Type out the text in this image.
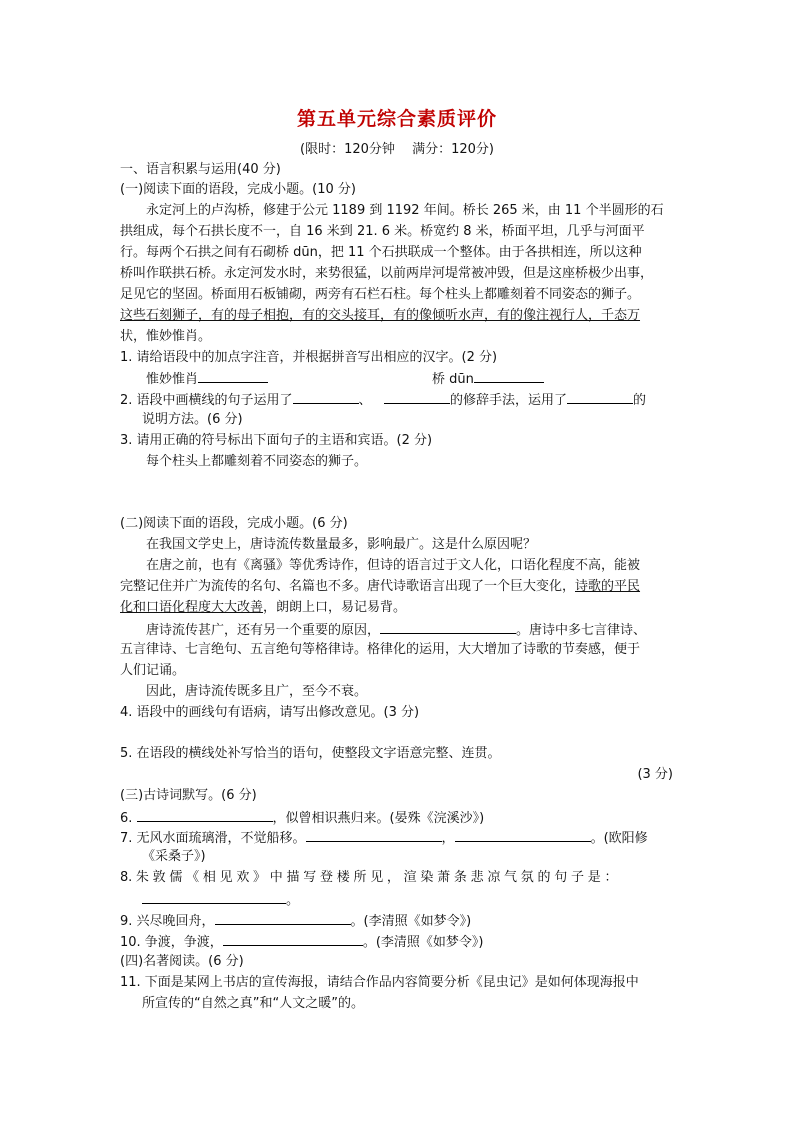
第五单元综合素质评价
(限时：120分钟　 满分：120分)
一、语言积累与运用(40 分)
(一)阅读下面的语段，完成小题。(10 分)
永定河上的卢沟桥，修建于公元 1189 到 1192 年间。桥长 265 米，由 11 个半圆形的石
拱组成，每个石拱长度不一，自 16 米到 21. 6 米。桥宽约 8 米，桥面平坦，几乎与河面平
行。每两个石拱之间有石砌桥 dūn，把 11 个石拱联成一个整体。由于各拱相连，所以这种
桥叫作联拱石桥。永定河发水时，来势很猛，以前两岸河堤常被冲毁，但是这座桥极少出事，
足见它的坚固。桥面用石板铺砌，两旁有石栏石柱。每个柱头上都雕刻着不同姿态的狮子。
这些石刻狮子，有的母子相抱，有的交头接耳，有的像倾听水声，有的像注视行人，千态万
状，惟妙惟肖。
1. 请给语段中的加点字注音，并根据拼音写出相应的汉字。(2 分)
惟妙惟肖	桥 dūn
2. 语段中画横线的句子运用了	、	的修辞手法，运用了	的
说明方法。(6 分)
3. 请用正确的符号标出下面句子的主语和宾语。(2 分)
每个柱头上都雕刻着不同姿态的狮子。
(二)阅读下面的语段，完成小题。(6 分)
在我国文学史上，唐诗流传数量最多，影响最广。这是什么原因呢？
在唐之前，也有《离骚》等优秀诗作，但诗的语言过于文人化，口语化程度不高，能被
完整记住并广为流传的名句、名篇也不多。唐代诗歌语言出现了一个巨大变化，诗歌的平民
化和口语化程度大大改善，朗朗上口，易记易背。
唐诗流传甚广，还有另一个重要的原因，	。唐诗中多七言律诗、
五言律诗、七言绝句、五言绝句等格律诗。格律化的运用，大大增加了诗歌的节奏感，便于
人们记诵。
因此，唐诗流传既多且广，至今不衰。
4. 语段中的画线句有语病，请写出修改意见。(3 分)
5. 在语段的横线处补写恰当的语句，使整段文字语意完整、连贯。
(3 分)
(三)古诗词默写。(6 分)
6.	，似曾相识燕归来。(晏殊《浣溪沙》)
7. 无风水面琉璃滑，不觉船移。	，	。(欧阳修
《采桑子》)
8. 朱 敦 儒 《 相 见 欢 》 中 描 写 登 楼 所 见 ， 渲 染 萧 条 悲 凉 气 氛 的 句 子 是 ：
。
9. 兴尽晚回舟，	。(李清照《如梦令》)
10. 争渡，争渡，	。(李清照《如梦令》)
(四)名著阅读。(6 分)
11. 下面是某网上书店的宣传海报，请结合作品内容简要分析《昆虫记》是如何体现海报中
所宣传的“自然之真”和“人文之暖”的。
